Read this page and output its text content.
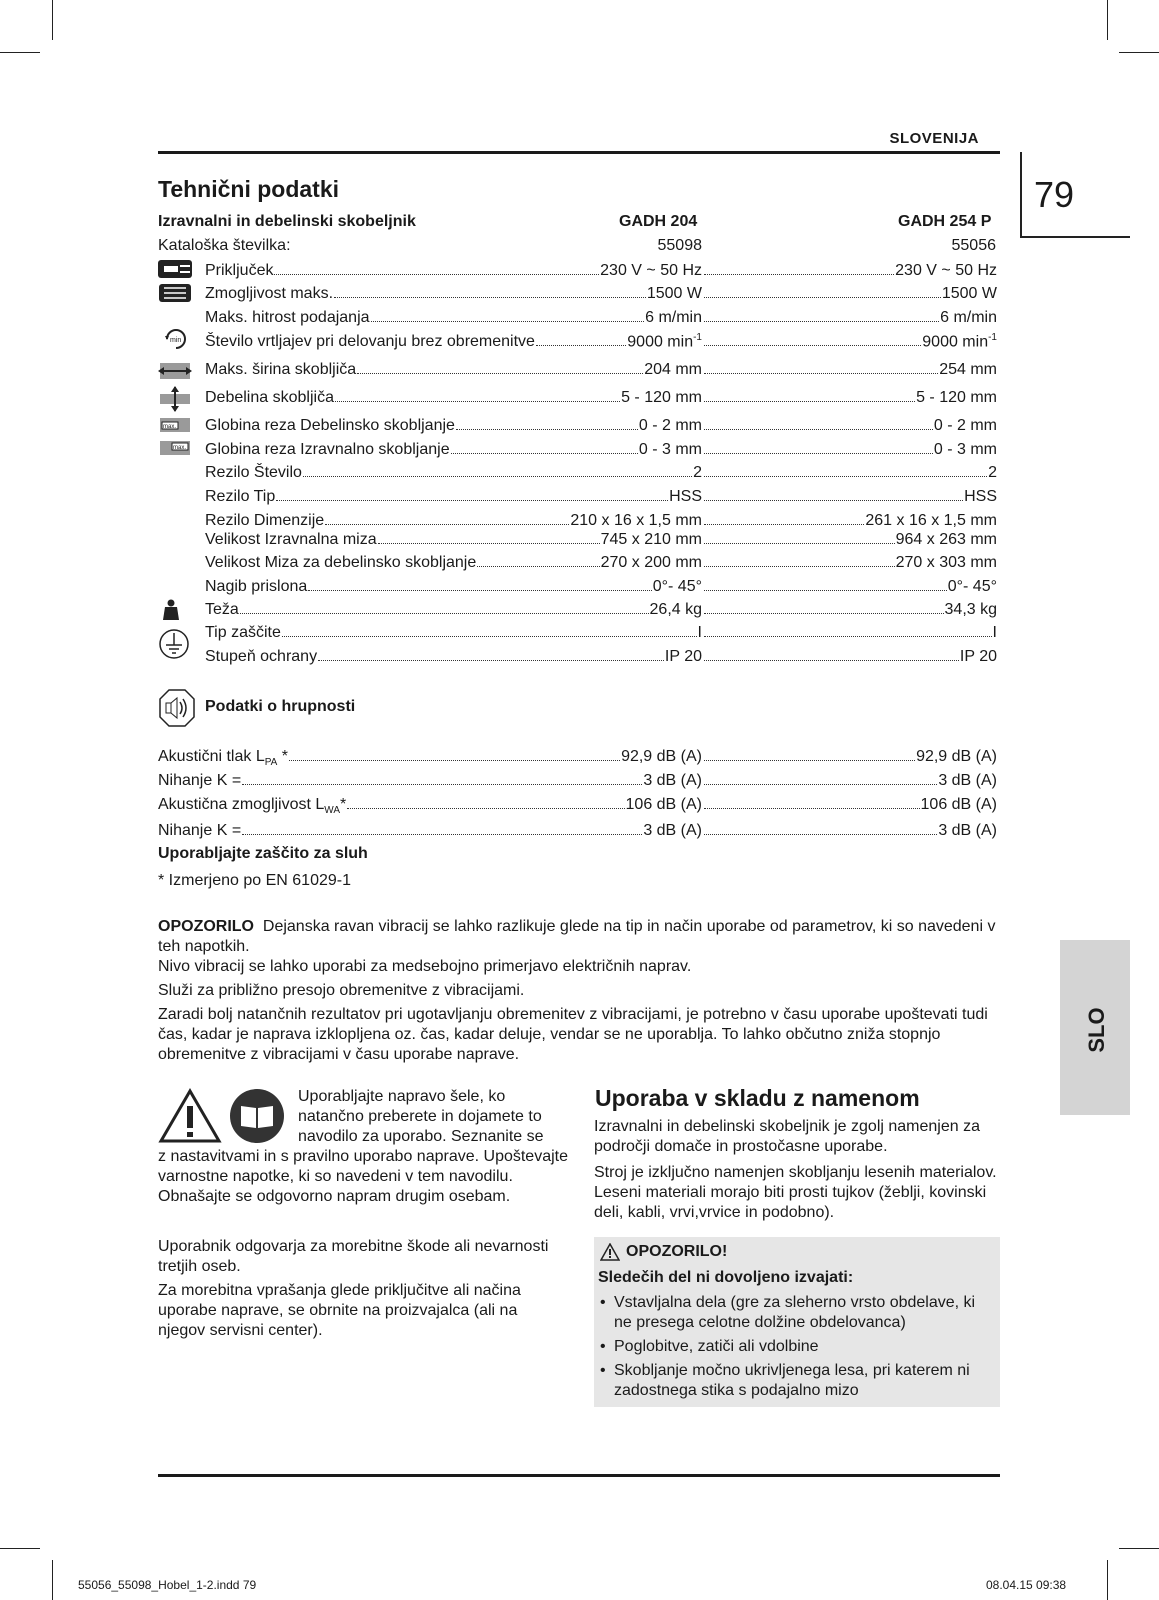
SLOVENIJA
79
SLO
Tehnični podatki
Izravnalni in debelinski skobeljnik	GADH 204	GADH 254 P
Kataloška številka:	55098	55056
min
max.
max.
Priključek	230 V ~ 50 Hz	230 V ~ 50 Hz
Zmogljivost maks.	1500 W	1500 W
Maks. hitrost podajanja	6 m/min	6 m/min
Število vrtljajev pri delovanju brez obremenitve	9000 $\min^{-1}$	9000 $\min^{-1}$
Maks. širina skobljiča	204 mm	254 mm
Debelina skobljiča	5 - 120 mm	5 - 120 mm
Globina reza Debelinsko skobljanje	0 - 2 mm	0 - 2 mm
Globina reza Izravnalno skobljanje	0 - 3 mm	0 - 3 mm
Rezilo Število	2	2
Rezilo Tip	HSS	HSS
Rezilo Dimenzije	210 x 16 x 1,5 mm	261 x 16 x 1,5 mm
Velikost Izravnalna miza	745 x 210 mm	964 x 263 mm
Velikost Miza za debelinsko skobljanje	270 x 200 mm	270 x 303 mm
Nagib prislona	0°- 45°	0°- 45°
Teža	26,4 kg	34,3 kg
Tip zaščite	I	I
Stupeň ochrany	IP 20	IP 20
Podatki o hrupnosti
Akustični tlak $L_{PA}$ *	92,9 dB (A)	92,9 dB (A)
Nihanje K =	3 dB (A)	3 dB (A)
Akustična zmogljivost $L_{WA}*$	106 dB (A)	106 dB (A)
Nihanje K =	3 dB (A)	3 dB (A)
Uporabljajte zaščito za sluh
* Izmerjeno po EN 61029-1
OPOZORILO Dejanska ravan vibracij se lahko razlikuje glede na tip in način uporabe od parametrov, ki so navedeni v teh napotkih.
Nivo vibracij se lahko uporabi za medsebojno primerjavo električnih naprav.
Služi za približno presojo obremenitve z vibracijami.
Zaradi bolj natančnih rezultatov pri ugotavljanju obremenitev z vibracijami, je potrebno v času uporabe upoštevati tudi čas, kadar je naprava izklopljena oz. čas, kadar deluje, vendar se ne uporablja. To lahko občutno zniža stopnjo obremenitve z vibracijami v času uporabe naprave.
Uporabljajte napravo šele, ko natančno preberete in dojamete to navodilo za uporabo. Seznanite se
z nastavitvami in s pravilno uporabo naprave. Upoštevajte varnostne napotke, ki so navedeni v tem navodilu. Obnašajte se odgovorno napram drugim osebam.
Uporabnik odgovarja za morebitne škode ali nevarnosti tretjih oseb.
Za morebitna vprašanja glede priključitve ali načina uporabe naprave, se obrnite na proizvajalca (ali na njegov servisni center).
Uporaba v skladu z namenom
Izravnalni in debelinski skobeljnik je zgolj namenjen za področji domače in prostočasne uporabe.
Stroj je izključno namenjen skobljanju lesenih materialov. Leseni materiali morajo biti prosti tujkov (žeblji, kovinski deli, kabli, vrvi,vrvice in podobno).
OPOZORILO!
Sledečih del ni dovoljeno izvajati:
• Vstavljalna dela (gre za sleherno vrsto obdelave, ki ne presega celotne dolžine obdelovanca)
• Poglobitve, zatiči ali vdolbine
• Skobljanje močno ukrivljenega lesa, pri katerem ni zadostnega stika s podajalno mizo
55056_55098_Hobel_1-2.indd 79	08.04.15 09:38
